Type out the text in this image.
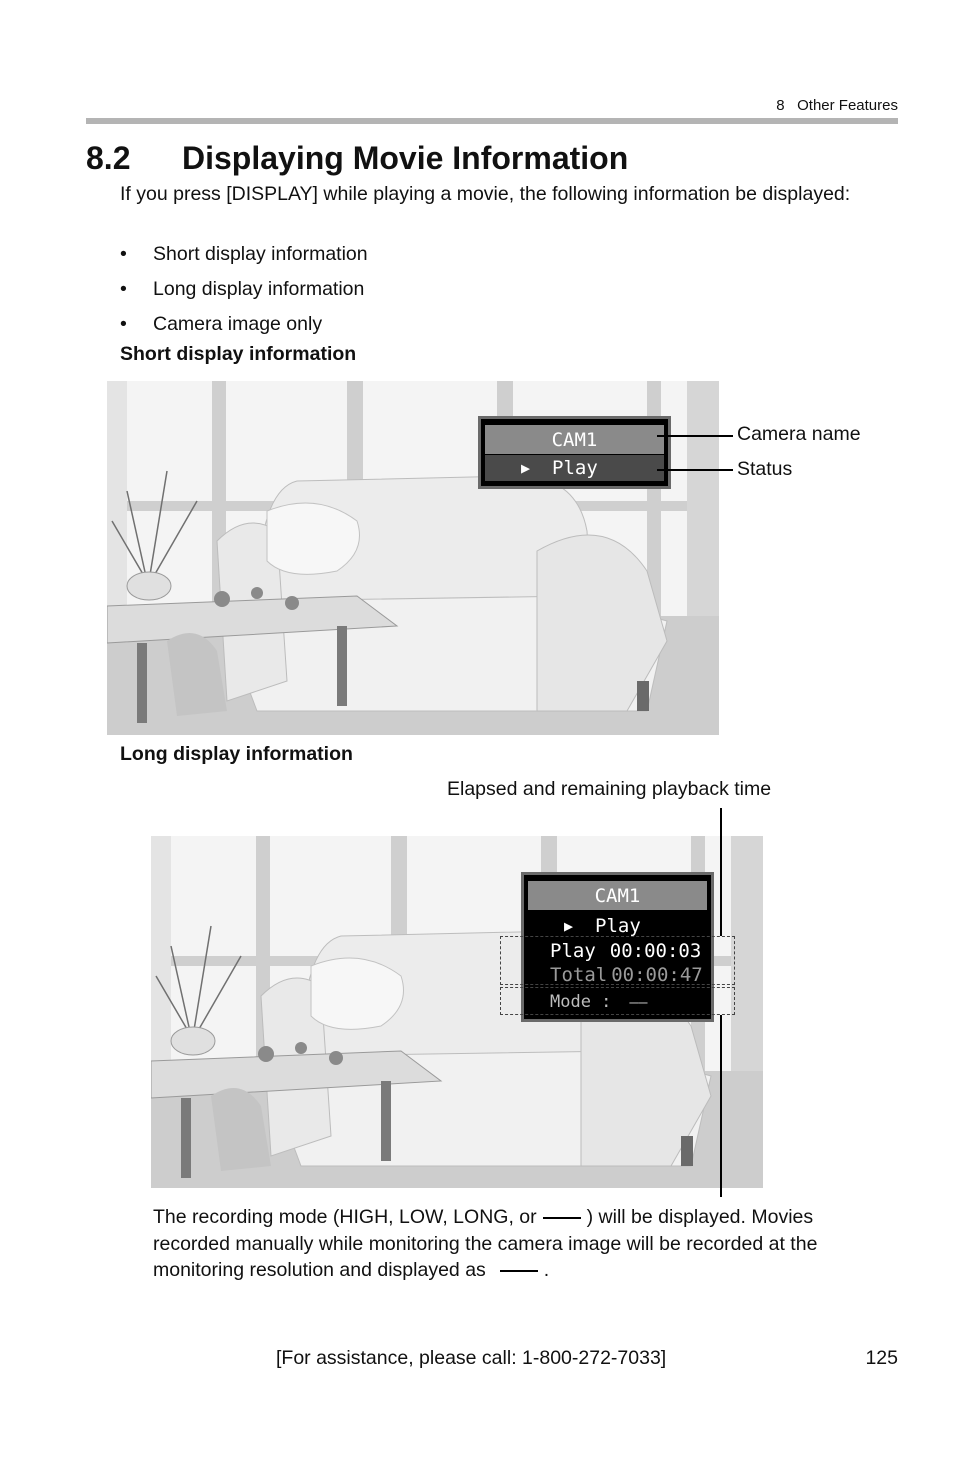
8 Other Features
8.2 Displaying Movie Information
If you press [DISPLAY] while playing a movie, the following information be displayed:
• Short display information
• Long display information
• Camera image only
Short display information
CAM1
▶ Play
Camera name
Status
Long display information
Elapsed and remaining playback time
CAM1
▶ Play
Play 00:00:03
Total 00:00:47
Mode : ——
The recording mode (HIGH, LOW, LONG, or	) will be displayed. Movies recorded manually while monitoring the camera image will be recorded at the monitoring resolution and displayed as	.
[For assistance, please call: 1-800-272-7033]	125
